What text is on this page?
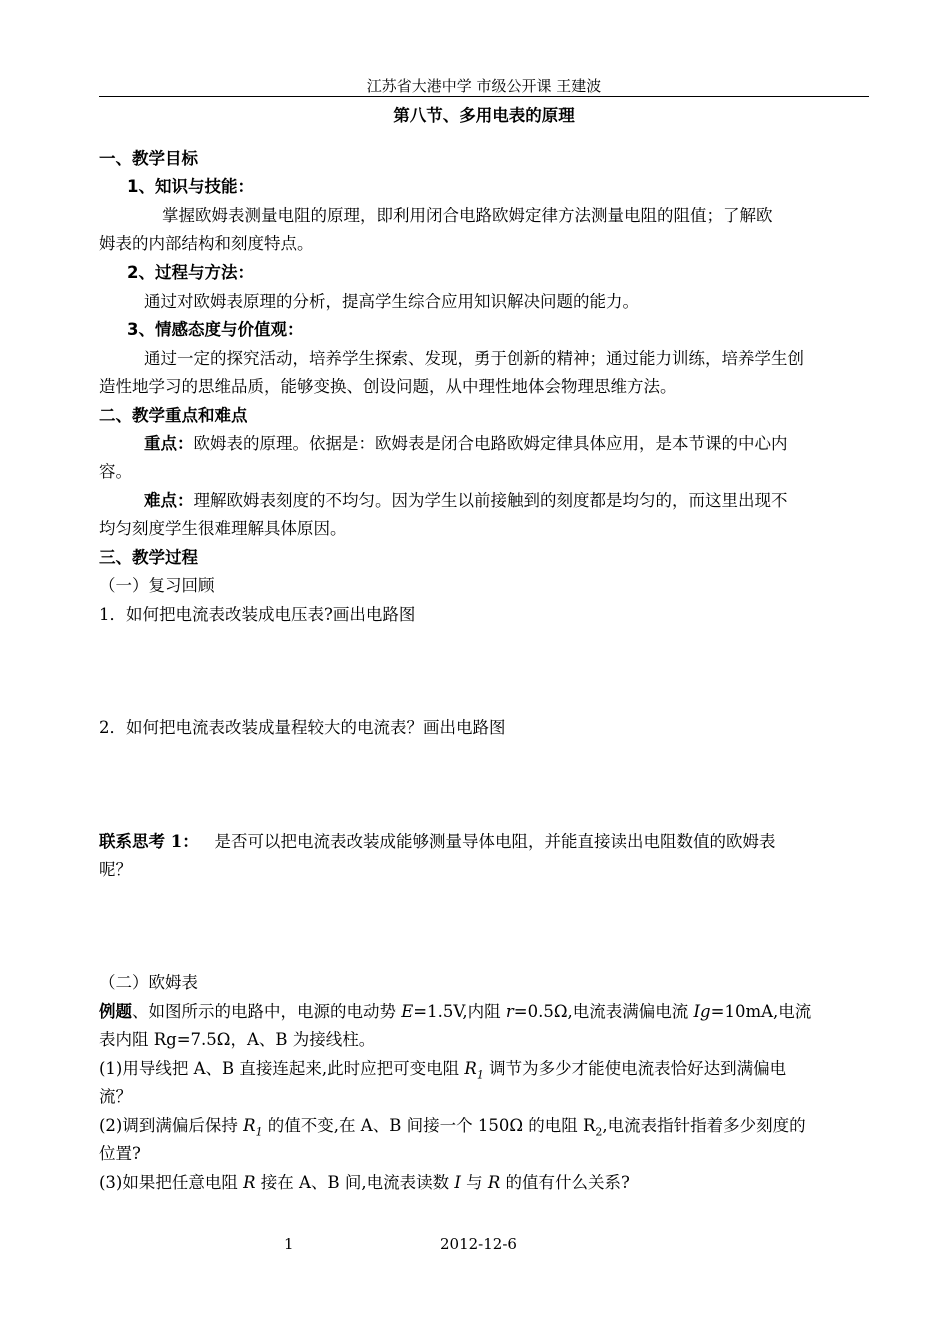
江苏省大港中学 市级公开课 王建波
第八节、多用电表的原理
一、教学目标
1、知识与技能：
掌握欧姆表测量电阻的原理，即利用闭合电路欧姆定律方法测量电阻的阻值；了解欧
姆表的内部结构和刻度特点。
2、过程与方法：
通过对欧姆表原理的分析，提高学生综合应用知识解决问题的能力。
3、情感态度与价值观：
通过一定的探究活动，培养学生探索、发现，勇于创新的精神；通过能力训练，培养学生创
造性地学习的思维品质，能够变换、创设问题，从中理性地体会物理思维方法。
二、教学重点和难点
重点：欧姆表的原理。依据是：欧姆表是闭合电路欧姆定律具体应用，是本节课的中心内
容。
难点：理解欧姆表刻度的不均匀。因为学生以前接触到的刻度都是均匀的，而这里出现不
均匀刻度学生很难理解具体原因。
三、教学过程
（一）复习回顾
1．如何把电流表改装成电压表?画出电路图
2．如何把电流表改装成量程较大的电流表？画出电路图
联系思考 1：   是否可以把电流表改装成能够测量导体电阻，并能直接读出电阻数值的欧姆表
呢？
（二）欧姆表
例题、如图所示的电路中，电源的电动势 E=1.5V,内阻 r=0.5Ω,电流表满偏电流 Ig=10mA,电流
表内阻 Rg=7.5Ω，A、B 为接线柱。
(1)用导线把 A、B 直接连起来,此时应把可变电阻 $R_1$ 调节为多少才能使电流表恰好达到满偏电
流？
(2)调到满偏后保持 $R_1$ 的值不变,在 A、B 间接一个 150Ω 的电阻 $R_2$,电流表指针指着多少刻度的
位置?
(3)如果把任意电阻 R 接在 A、B 间,电流表读数 I 与 R 的值有什么关系?
1	2012-12-6
